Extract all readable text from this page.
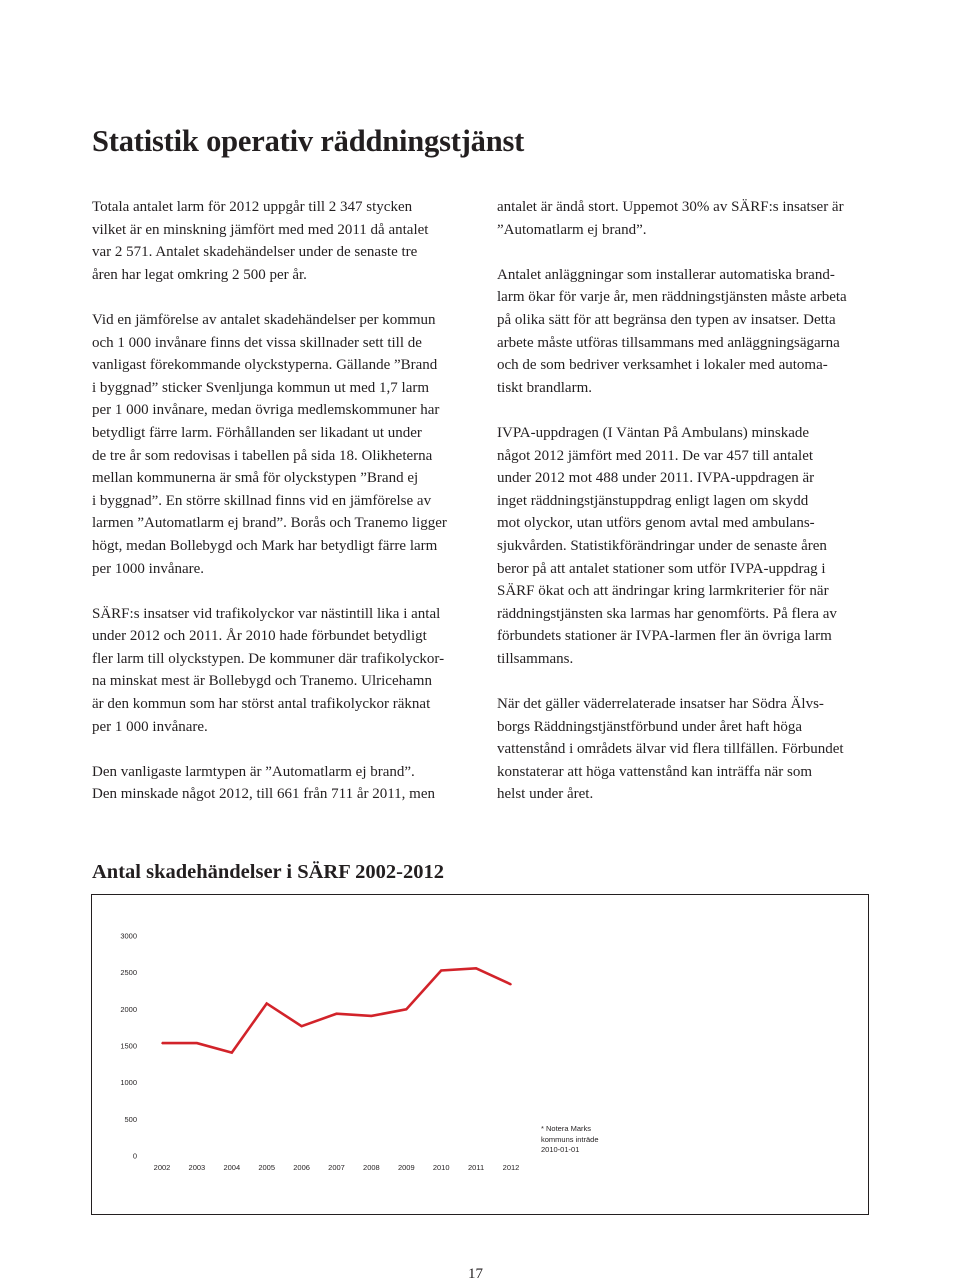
Statistik operativ räddningstjänst

Totala antalet larm för 2012 uppgår till 2 347 stycken
vilket är en minskning jämfört med med 2011 då antalet
var 2 571. Antalet skadehändelser under de senaste tre
åren har legat omkring 2 500 per år.

Vid en jämförelse av antalet skadehändelser per kommun
och 1 000 invånare finns det vissa skillnader sett till de
vanligast förekommande olyckstyperna. Gällande ”Brand
i byggnad” sticker Svenljunga kommun ut med 1,7 larm
per 1 000 invånare, medan övriga medlemskommuner har
betydligt färre larm. Förhållanden ser likadant ut under
de tre år som redovisas i tabellen på sida 18. Olikheterna
mellan kommunerna är små för olyckstypen ”Brand ej
i byggnad”. En större skillnad finns vid en jämförelse av
larmen ”Automatlarm ej brand”. Borås och Tranemo ligger
högt, medan Bollebygd och Mark har betydligt färre larm
per 1000 invånare.

SÄRF:s insatser vid trafikolyckor var nästintill lika i antal
under 2012 och 2011. År 2010 hade förbundet betydligt
fler larm till olyckstypen. De kommuner där trafikolyckor-
na minskat mest är Bollebygd och Tranemo. Ulricehamn
är den kommun som har störst antal trafikolyckor räknat
per 1 000 invånare.

Den vanligaste larmtypen är ”Automatlarm ej brand”.
Den minskade något 2012, till 661 från 711 år 2011, men

antalet är ändå stort. Uppemot 30% av SÄRF:s insatser är
”Automatlarm ej brand”.

Antalet anläggningar som installerar automatiska brand-
larm ökar för varje år, men räddningstjänsten måste arbeta
på olika sätt för att begränsa den typen av insatser. Detta
arbete måste utföras tillsammans med anläggningsägarna
och de som bedriver verksamhet i lokaler med automa-
tiskt brandlarm.

IVPA-uppdragen (I Väntan På Ambulans) minskade
något 2012 jämfört med 2011. De var 457 till antalet
under 2012 mot 488 under 2011. IVPA-uppdragen är
inget räddningstjänstuppdrag enligt lagen om skydd
mot olyckor, utan utförs genom avtal med ambulans-
sjukvården. Statistikförändringar under de senaste åren
beror på att antalet stationer som utför IVPA-uppdrag i
SÄRF ökat och att ändringar kring larmkriterier för när
räddningstjänsten ska larmas har genomförts. På flera av
förbundets stationer är IVPA-larmen fler än övriga larm
tillsammans.

När det gäller väderrelaterade insatser har Södra Älvs-
borgs Räddningstjänstförbund under året haft höga
vattenstånd i områdets älvar vid flera tillfällen. Förbundet
konstaterar att höga vattenstånd kan inträffa när som
helst under året.

Antal skadehändelser i SÄRF 2002-2012
0
500
1000
1500
2000
2500
3000
2002 2003 2004 2005 2006 2007 2008 2009 2010 2011 2012
* Notera Marks
kommuns inträde
2010-01-01
17
